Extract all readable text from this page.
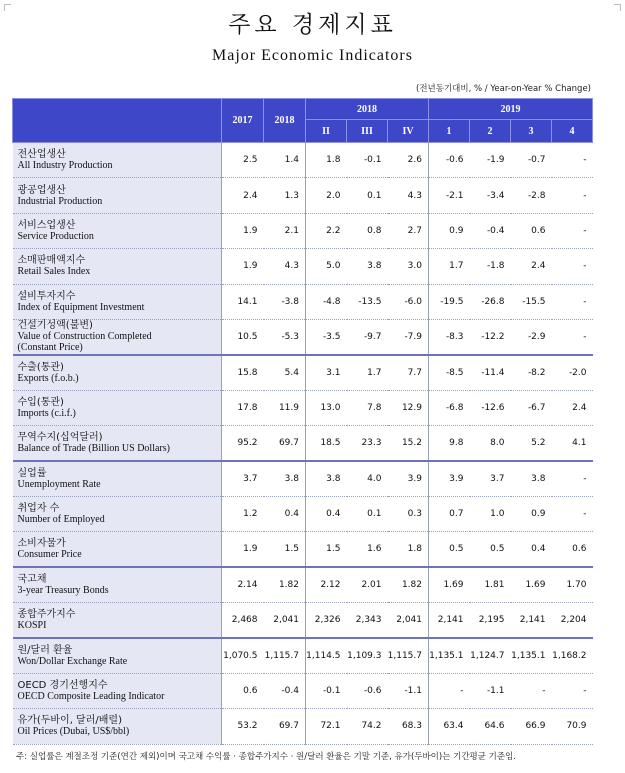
주요 경제지표
Major Economic Indicators
(전년동기대비, % / Year-on-Year % Change)
	2017	2018	2018			2019			
			II	III	IV	1	2	3	4

전산업생산
All Industry Production	2.5	1.4	1.8	-0.1	2.6	-0.6	-1.9	-0.7	-

광공업생산
Industrial Production	2.4	1.3	2.0	0.1	4.3	-2.1	-3.4	-2.8	-

서비스업생산
Service Production	1.9	2.1	2.2	0.8	2.7	0.9	-0.4	0.6	-

소매판매액지수
Retail Sales Index	1.9	4.3	5.0	3.8	3.0	1.7	-1.8	2.4	-

설비투자지수
Index of Equipment Investment	14.1	-3.8	-4.8	-13.5	-6.0	-19.5	-26.8	-15.5	-

건설기성액(불변)
Value of Construction Completed
(Constant Price)	10.5	-5.3	-3.5	-9.7	-7.9	-8.3	-12.2	-2.9	-

수출(통관)
Exports (f.o.b.)	15.8	5.4	3.1	1.7	7.7	-8.5	-11.4	-8.2	-2.0

수입(통관)
Imports (c.i.f.)	17.8	11.9	13.0	7.8	12.9	-6.8	-12.6	-6.7	2.4

무역수지(십억달러)
Balance of Trade (Billion US Dollars)	95.2	69.7	18.5	23.3	15.2	9.8	8.0	5.2	4.1

실업률
Unemployment Rate	3.7	3.8	3.8	4.0	3.9	3.9	3.7	3.8	-

취업자 수
Number of Employed	1.2	0.4	0.4	0.1	0.3	0.7	1.0	0.9	-

소비자물가
Consumer Price	1.9	1.5	1.5	1.6	1.8	0.5	0.5	0.4	0.6

국고채
3-year Treasury Bonds	2.14	1.82	2.12	2.01	1.82	1.69	1.81	1.69	1.70

종합주가지수
KOSPI	2,468	2,041	2,326	2,343	2,041	2,141	2,195	2,141	2,204

원/달러 환율
Won/Dollar Exchange Rate	1,070.5	1,115.7	1,114.5	1,109.3	1,115.7	1,135.1	1,124.7	1,135.1	1,168.2

OECD 경기선행지수
OECD Composite Leading Indicator	0.6	-0.4	-0.1	-0.6	-1.1	-	-1.1	-	-

유가(두바이, 달러/배럴)
Oil Prices (Dubai, US$/bbl)	53.2	69.7	72.1	74.2	68.3	63.4	64.6	66.9	70.9
주: 실업률은 계절조정 기준(연간 제외)이며 국고채 수익률 · 종합주가지수 · 원/달러 환율은 기말 기준, 유가(두바이)는 기간평균 기준임.
